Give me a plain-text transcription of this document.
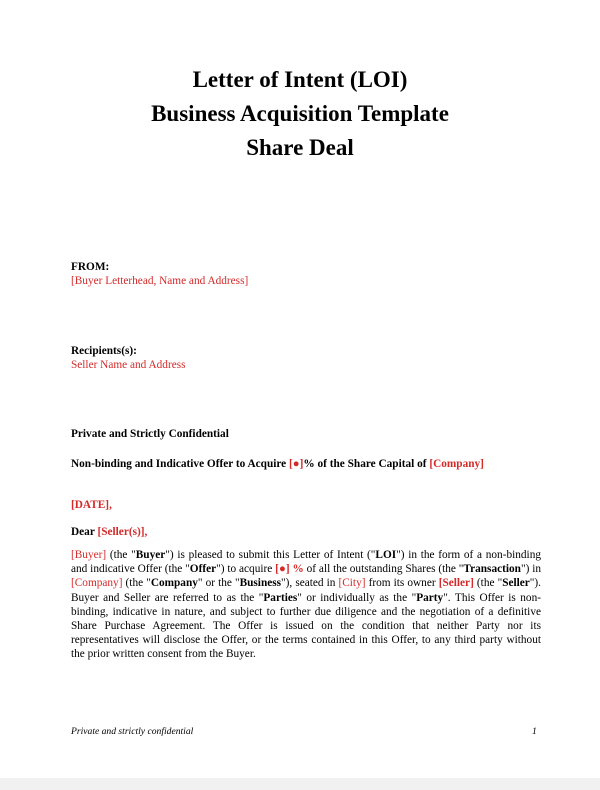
Letter of Intent (LOI)
Business Acquisition Template
Share Deal
FROM:
[Buyer Letterhead, Name and Address]
Recipients(s):
Seller Name and Address
Private and Strictly Confidential
Non-binding and Indicative Offer to Acquire [●]% of the Share Capital of [Company]
[DATE],
Dear [Seller(s)],
[Buyer] (the "Buyer") is pleased to submit this Letter of Intent ("LOI") in the form of a non-binding and indicative Offer (the "Offer") to acquire [●] % of all the outstanding Shares (the "Transaction") in [Company] (the "Company" or the "Business"), seated in [City] from its owner [Seller] (the "Seller"). Buyer and Seller are referred to as the "Parties" or individually as the "Party". This Offer is non-binding, indicative in nature, and subject to further due diligence and the negotiation of a definitive Share Purchase Agreement. The Offer is issued on the condition that neither Party nor its representatives will disclose the Offer, or the terms contained in this Offer, to any third party without the prior written consent from the Buyer.
Private and strictly confidential	1
